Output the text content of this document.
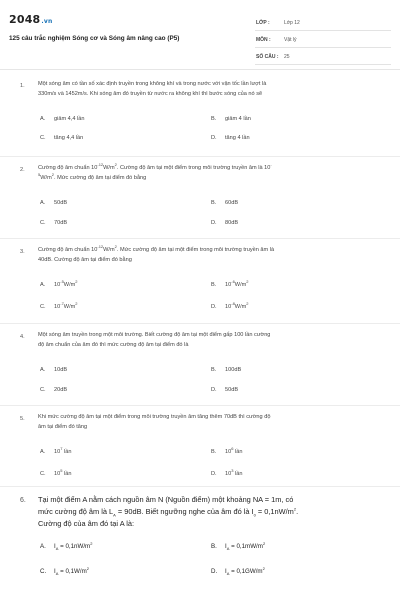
2048.vn
125 câu trắc nghiệm Sóng cơ và Sóng âm nâng cao (P5)
LỚP :	Lớp 12
MÔN :	Vật lý
SỐ CÂU : 25
1. Một sóng âm có tần số xác định truyền trong không khí và trong nước với vận tốc lần lượt là
330m/s và 1452m/s. Khi sóng âm đó truyền từ nước ra không khí thì bước sóng của nó sẽ
A. giảm 4,4 lần	B. giảm 4 lần
C. tăng 4,4 lần	D. tăng 4 lần
2. Cường độ âm chuẩn $10^{-12}W/m^2$. Cường độ âm tại một điểm trong môi trường truyền âm là 10-
$^5W/m^2$. Mức cường độ âm tại điểm đó bằng
A. 50dB	B. 60dB
C. 70dB	D. 80dB
3. Cường độ âm chuẩn $10^{-12}W/m^2$. Mức cường độ âm tại một điểm trong môi trường truyền âm là
40dB. Cường độ âm tại điểm đó bằng
A. $10^{-5}W/m^2$
B. $10^{-6}W/m^2$
C. $10^{-7}W/m^2$
D. $10^{-8}W/m^2$
4. Một sóng âm truyền trong một môi trường. Biết cường độ âm tại một điểm gấp 100 lần cường
độ âm chuẩn của âm đó thì mức cường độ âm tại điểm đó là
A. 10dB	B. 100dB
C. 20dB	D. 50dB
5. Khi mức cường độ âm tại một điểm trong môi trường truyền âm tăng thêm 70dB thì cường độ
âm tại điểm đó tăng
A. $10^7$ lần	B. $10^6$ lần
C. $10^5$ lần	D. $10^3$ lần
6. Tại một điểm A nằm cách nguồn âm N (Nguồn điểm) một khoảng NA = 1m, có
mức cường độ âm là $L_A = 90dB$. Biết ngưỡng nghe của âm đó là $I_0 = 0,1nW/m^2$.
Cường độ của âm đó tại A là:
A. $I_A = 0,1nW/m^2$	B. $I_A = 0,1mW/m^2$
C. $I_A = 0,1W/m^2$	D. $I_A = 0,1GW/m^2$
